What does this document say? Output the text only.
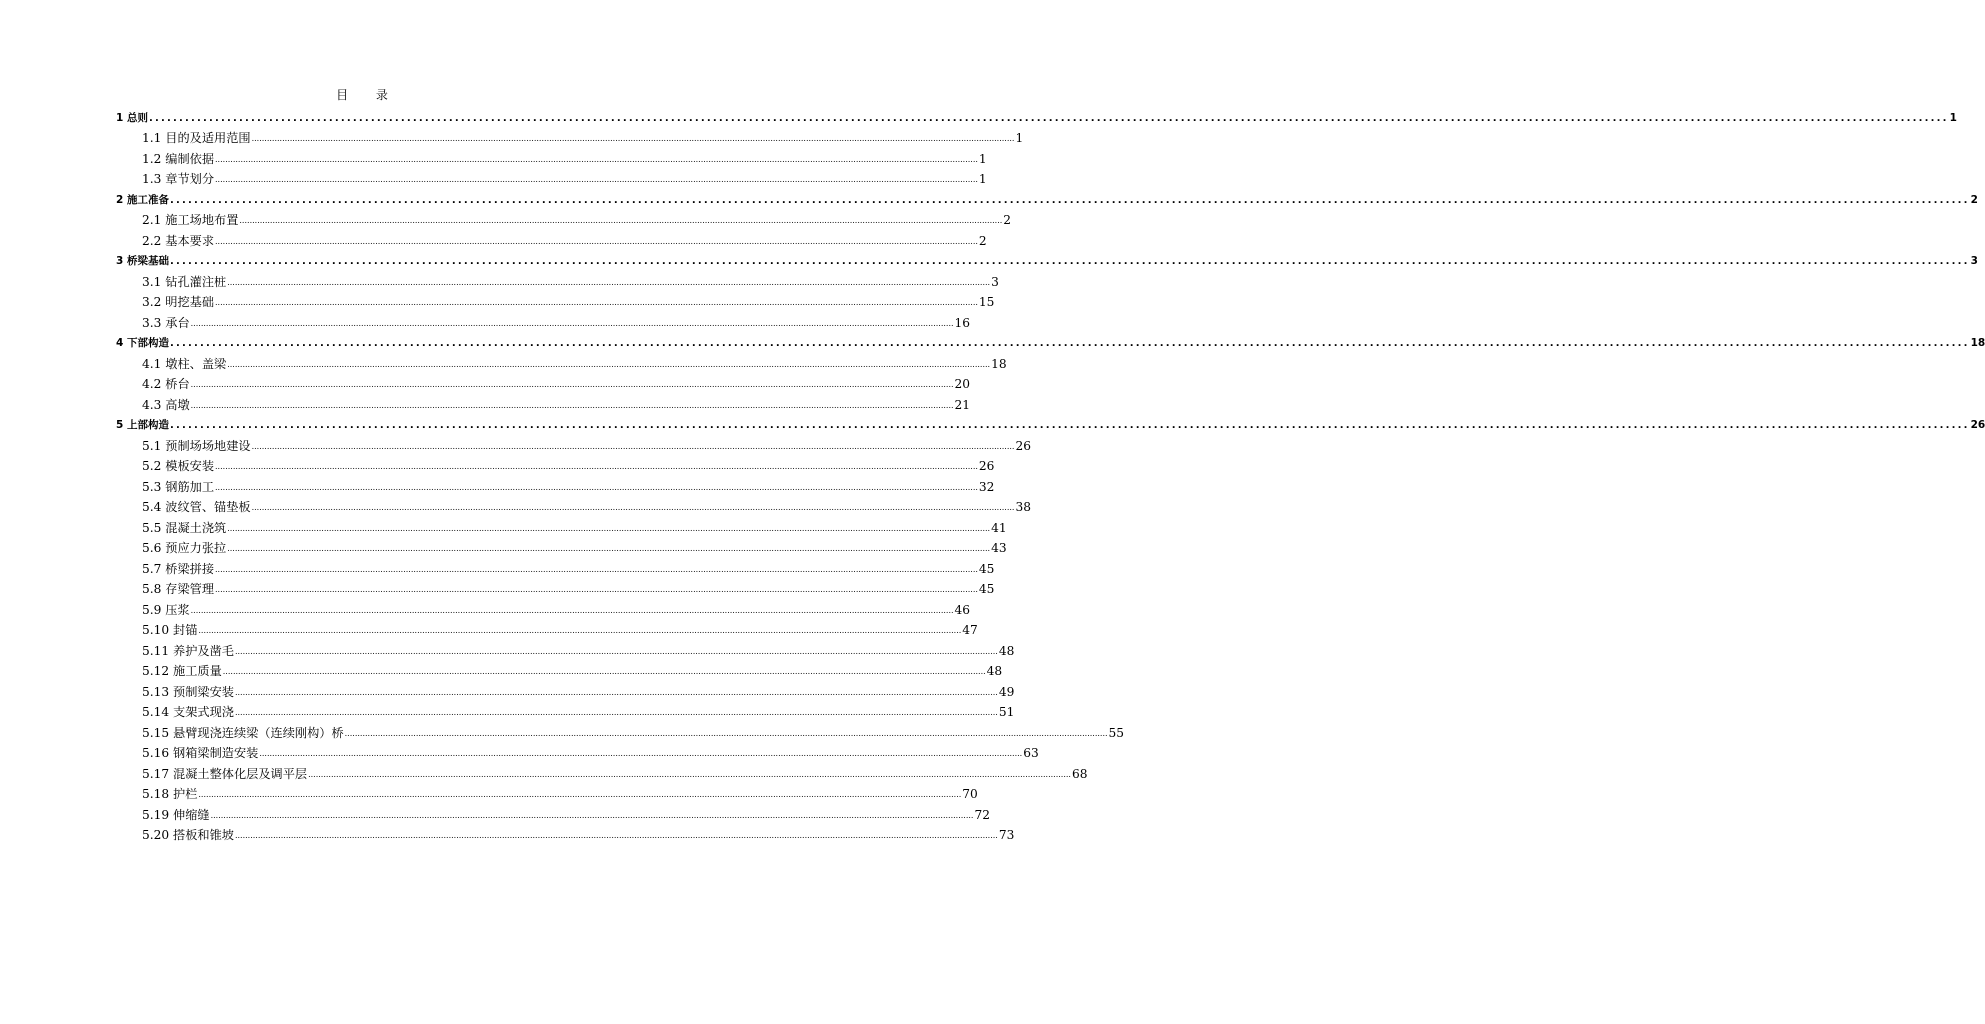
目 录
1 总则 ............................................................................................................................................................................................................................................................................................................ 1
1.1 目的及适用范围 ............................................................................................................................................................................................................................................................................................................ 1
1.2 编制依据 ............................................................................................................................................................................................................................................................................................................ 1
1.3 章节划分 ............................................................................................................................................................................................................................................................................................................ 1
2 施工准备 ............................................................................................................................................................................................................................................................................................................ 2
2.1 施工场地布置 ............................................................................................................................................................................................................................................................................................................ 2
2.2 基本要求 ............................................................................................................................................................................................................................................................................................................ 2
3 桥梁基础 ............................................................................................................................................................................................................................................................................................................ 3
3.1 钻孔灌注桩 ............................................................................................................................................................................................................................................................................................................ 3
3.2 明挖基础 ............................................................................................................................................................................................................................................................................................................ 15
3.3 承台 ............................................................................................................................................................................................................................................................................................................ 16
4 下部构造 ............................................................................................................................................................................................................................................................................................................ 18
4.1 墩柱、盖梁 ............................................................................................................................................................................................................................................................................................................ 18
4.2 桥台 ............................................................................................................................................................................................................................................................................................................ 20
4.3 高墩 ............................................................................................................................................................................................................................................................................................................ 21
5 上部构造 ............................................................................................................................................................................................................................................................................................................ 26
5.1 预制场场地建设 ............................................................................................................................................................................................................................................................................................................ 26
5.2 模板安装 ............................................................................................................................................................................................................................................................................................................ 26
5.3 钢筋加工 ............................................................................................................................................................................................................................................................................................................ 32
5.4 波纹管、锚垫板 ............................................................................................................................................................................................................................................................................................................ 38
5.5 混凝土浇筑 ............................................................................................................................................................................................................................................................................................................ 41
5.6 预应力张拉 ............................................................................................................................................................................................................................................................................................................ 43
5.7 桥梁拼接 ............................................................................................................................................................................................................................................................................................................ 45
5.8 存梁管理 ............................................................................................................................................................................................................................................................................................................ 45
5.9 压浆 ............................................................................................................................................................................................................................................................................................................ 46
5.10 封锚 ............................................................................................................................................................................................................................................................................................................ 47
5.11 养护及凿毛 ............................................................................................................................................................................................................................................................................................................ 48
5.12 施工质量 ............................................................................................................................................................................................................................................................................................................ 48
5.13 预制梁安装 ............................................................................................................................................................................................................................................................................................................ 49
5.14 支架式现浇 ............................................................................................................................................................................................................................................................................................................ 51
5.15 悬臂现浇连续梁（连续刚构）桥 ............................................................................................................................................................................................................................................................................................................ 55
5.16 钢箱梁制造安装 ............................................................................................................................................................................................................................................................................................................ 63
5.17 混凝土整体化层及调平层 ............................................................................................................................................................................................................................................................................................................ 68
5.18 护栏 ............................................................................................................................................................................................................................................................................................................ 70
5.19 伸缩缝 ............................................................................................................................................................................................................................................................................................................ 72
5.20 搭板和锥坡 ............................................................................................................................................................................................................................................................................................................ 73
